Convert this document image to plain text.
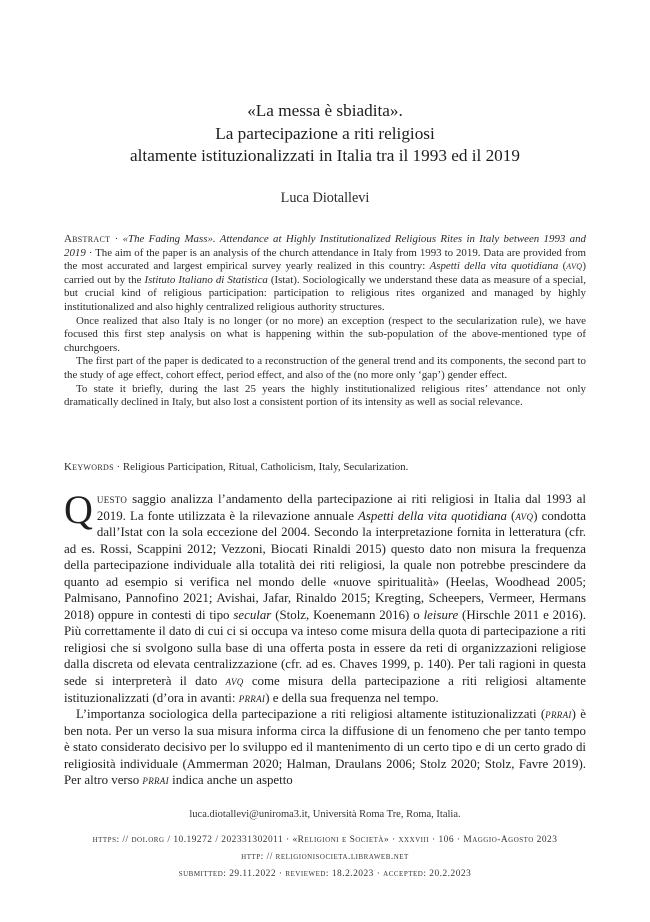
«La messa è sbiadita».
La partecipazione a riti religiosi
altamente istituzionalizzati in Italia tra il 1993 ed il 2019
Luca Diotallevi

Abstract · «The Fading Mass». Attendance at Highly Institutionalized Religious Rites in Italy between 1993 and 2019 · The aim of the paper is an analysis of the church attendance in Italy from 1993 to 2019. Data are provided from the most accurated and largest empirical survey yearly realized in this country: Aspetti della vita quotidiana (avq) carried out by the Istituto Italiano di Statistica (Istat). Sociologically we understand these data as measure of a special, but crucial kind of religious participation: participation to religious rites organized and managed by highly institutionalized and also highly centralized religious authority structures.

Once realized that also Italy is no longer (or no more) an exception (respect to the secularization rule), we have focused this first step analysis on what is happening within the sub-population of the above-mentioned type of churchgoers.

The first part of the paper is dedicated to a reconstruction of the general trend and its components, the second part to the study of age effect, cohort effect, period effect, and also of the (no more only ‘gap’) gender effect.

To state it briefly, during the last 25 years the highly institutionalized religious rites’ attendance not only dramatically declined in Italy, but also lost a consistent portion of its intensity as well as social relevance.

Keywords · Religious Participation, Ritual, Catholicism, Italy, Secularization.

Questo saggio analizza l’andamento della partecipazione ai riti religiosi in Italia dal 1993 al 2019. La fonte utilizzata è la rilevazione annuale Aspetti della vita quotidiana (avq) condotta dall’Istat con la sola eccezione del 2004. Secondo la interpretazione fornita in letteratura (cfr. ad es. Rossi, Scappini 2012; Vezzoni, Biocati Rinaldi 2015) questo dato non misura la frequenza della partecipazione individuale alla totalità dei riti religiosi, la quale non potrebbe prescindere da quanto ad esempio si verifica nel mondo delle «nuove spiritualità» (Heelas, Woodhead 2005; Palmisano, Pannofino 2021; Avishai, Jafar, Rinaldo 2015; Kregting, Scheepers, Vermeer, Hermans 2018) oppure in contesti di tipo secular (Stolz, Koenemann 2016) o leisure (Hirschle 2011 e 2016). Più correttamente il dato di cui ci si occupa va inteso come misura della quota di partecipazione a riti religiosi che si svolgono sulla base di una offerta posta in essere da reti di organizzazioni religiose dalla discreta od elevata centralizzazione (cfr. ad es. Chaves 1999, p. 140). Per tali ragioni in questa sede si interpreterà il dato avq come misura della partecipazione a riti religiosi altamente istituzionalizzati (d’ora in avanti: prrai) e della sua frequenza nel tempo.

L’importanza sociologica della partecipazione a riti religiosi altamente istituzionalizzati (prrai) è ben nota. Per un verso la sua misura informa circa la diffusione di un fenomeno che per tanto tempo è stato considerato decisivo per lo sviluppo ed il mantenimento di un certo tipo e di un certo grado di religiosità individuale (Ammerman 2020; Halman, Draulans 2006; Stolz 2020; Stolz, Favre 2019). Per altro verso prrai indica anche un aspetto

luca.diotallevi@uniroma3.it, Università Roma Tre, Roma, Italia.
https: // doi.org / 10.19272 / 202331302011 · «Religioni e Società» · xxxviii · 106 · Maggio-Agosto 2023
http: // religionisocieta.libraweb.net
submitted: 29.11.2022 · reviewed: 18.2.2023 · accepted: 20.2.2023
